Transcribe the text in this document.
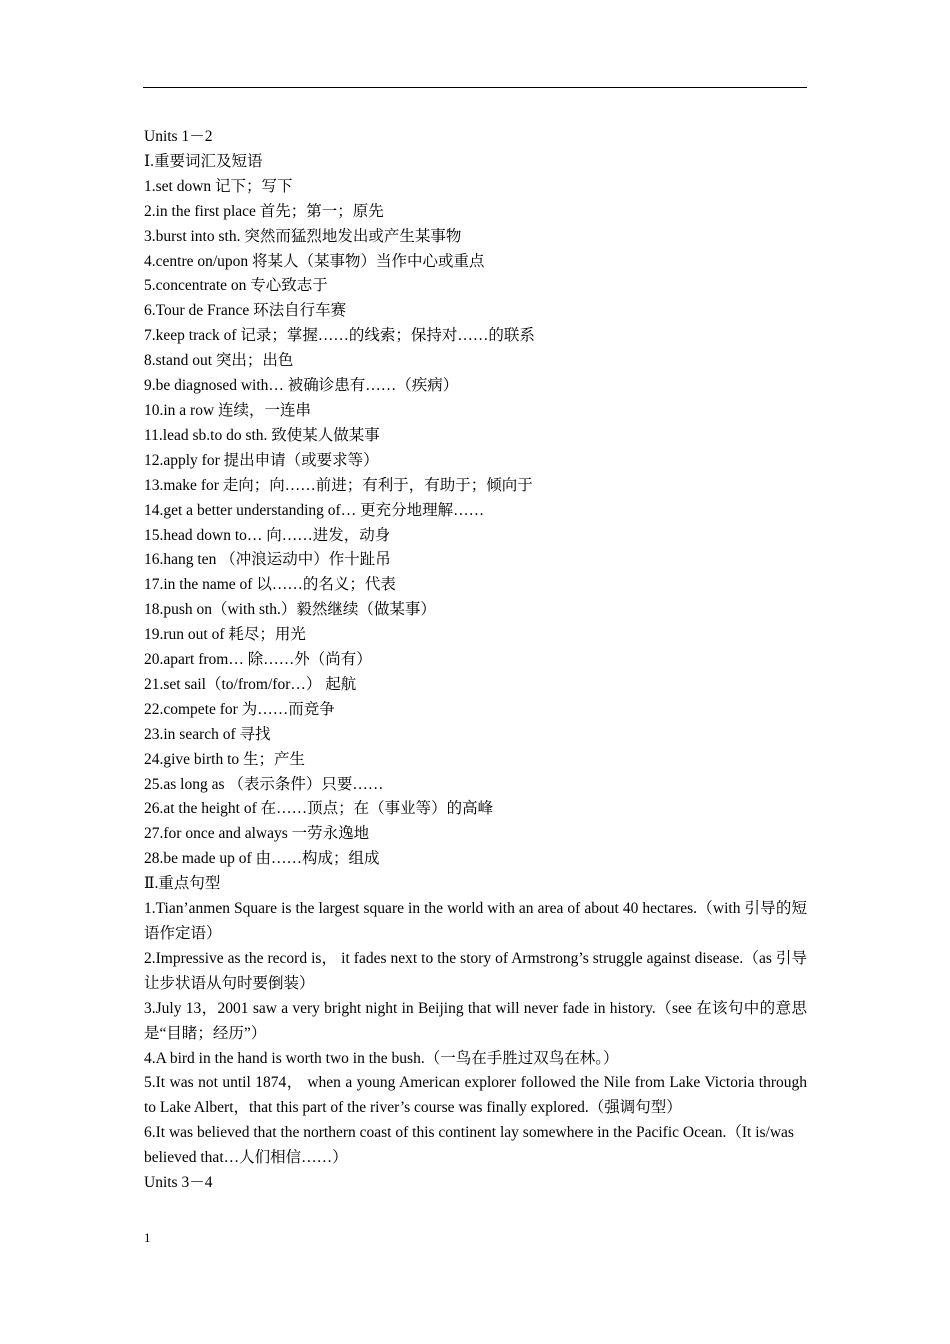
Units 1－2

Ⅰ.重要词汇及短语

1.set down 记下；写下

2.in the first place 首先；第一；原先

3.burst into sth. 突然而猛烈地发出或产生某事物

4.centre on/upon 将某人（某事物）当作中心或重点

5.concentrate on 专心致志于

6.Tour de France 环法自行车赛

7.keep track of 记录；掌握……的线索；保持对……的联系

8.stand out 突出；出色

9.be diagnosed with… 被确诊患有……（疾病）

10.in a row 连续，一连串

11.lead sb.to do sth. 致使某人做某事

12.apply for 提出申请（或要求等）

13.make for 走向；向……前进；有利于，有助于；倾向于

14.get a better understanding of… 更充分地理解……

15.head down to… 向……进发，动身

16.hang ten （冲浪运动中）作十趾吊

17.in the name of 以……的名义；代表

18.push on（with sth.）毅然继续（做某事）

19.run out of 耗尽；用光

20.apart from… 除……外（尚有）

21.set sail（to/from/for…） 起航

22.compete for 为……而竞争

23.in search of 寻找

24.give birth to 生；产生

25.as long as （表示条件）只要……

26.at the height of 在……顶点；在（事业等）的高峰

27.for once and always 一劳永逸地

28.be made up of 由……构成；组成

Ⅱ.重点句型

1.Tian’anmen Square is the largest square in the world with an area of about 40 hectares.（with 引导的短语作定语）

2.Impressive as the record is， it fades next to the story of Armstrong’s struggle against disease.（as 引导让步状语从句时要倒装）

3.July 13，2001 saw a very bright night in Beijing that will never fade in history.（see 在该句中的意思是“目睹；经历”）

4.A bird in the hand is worth two in the bush.（一鸟在手胜过双鸟在林。）

5.It was not until 1874， when a young American explorer followed the Nile from Lake Victoria through to Lake Albert，that this part of the river’s course was finally explored.（强调句型）

6.It was believed that the northern coast of this continent lay somewhere in the Pacific Ocean.（It is/was

believed that…人们相信……）

Units 3－4

1
